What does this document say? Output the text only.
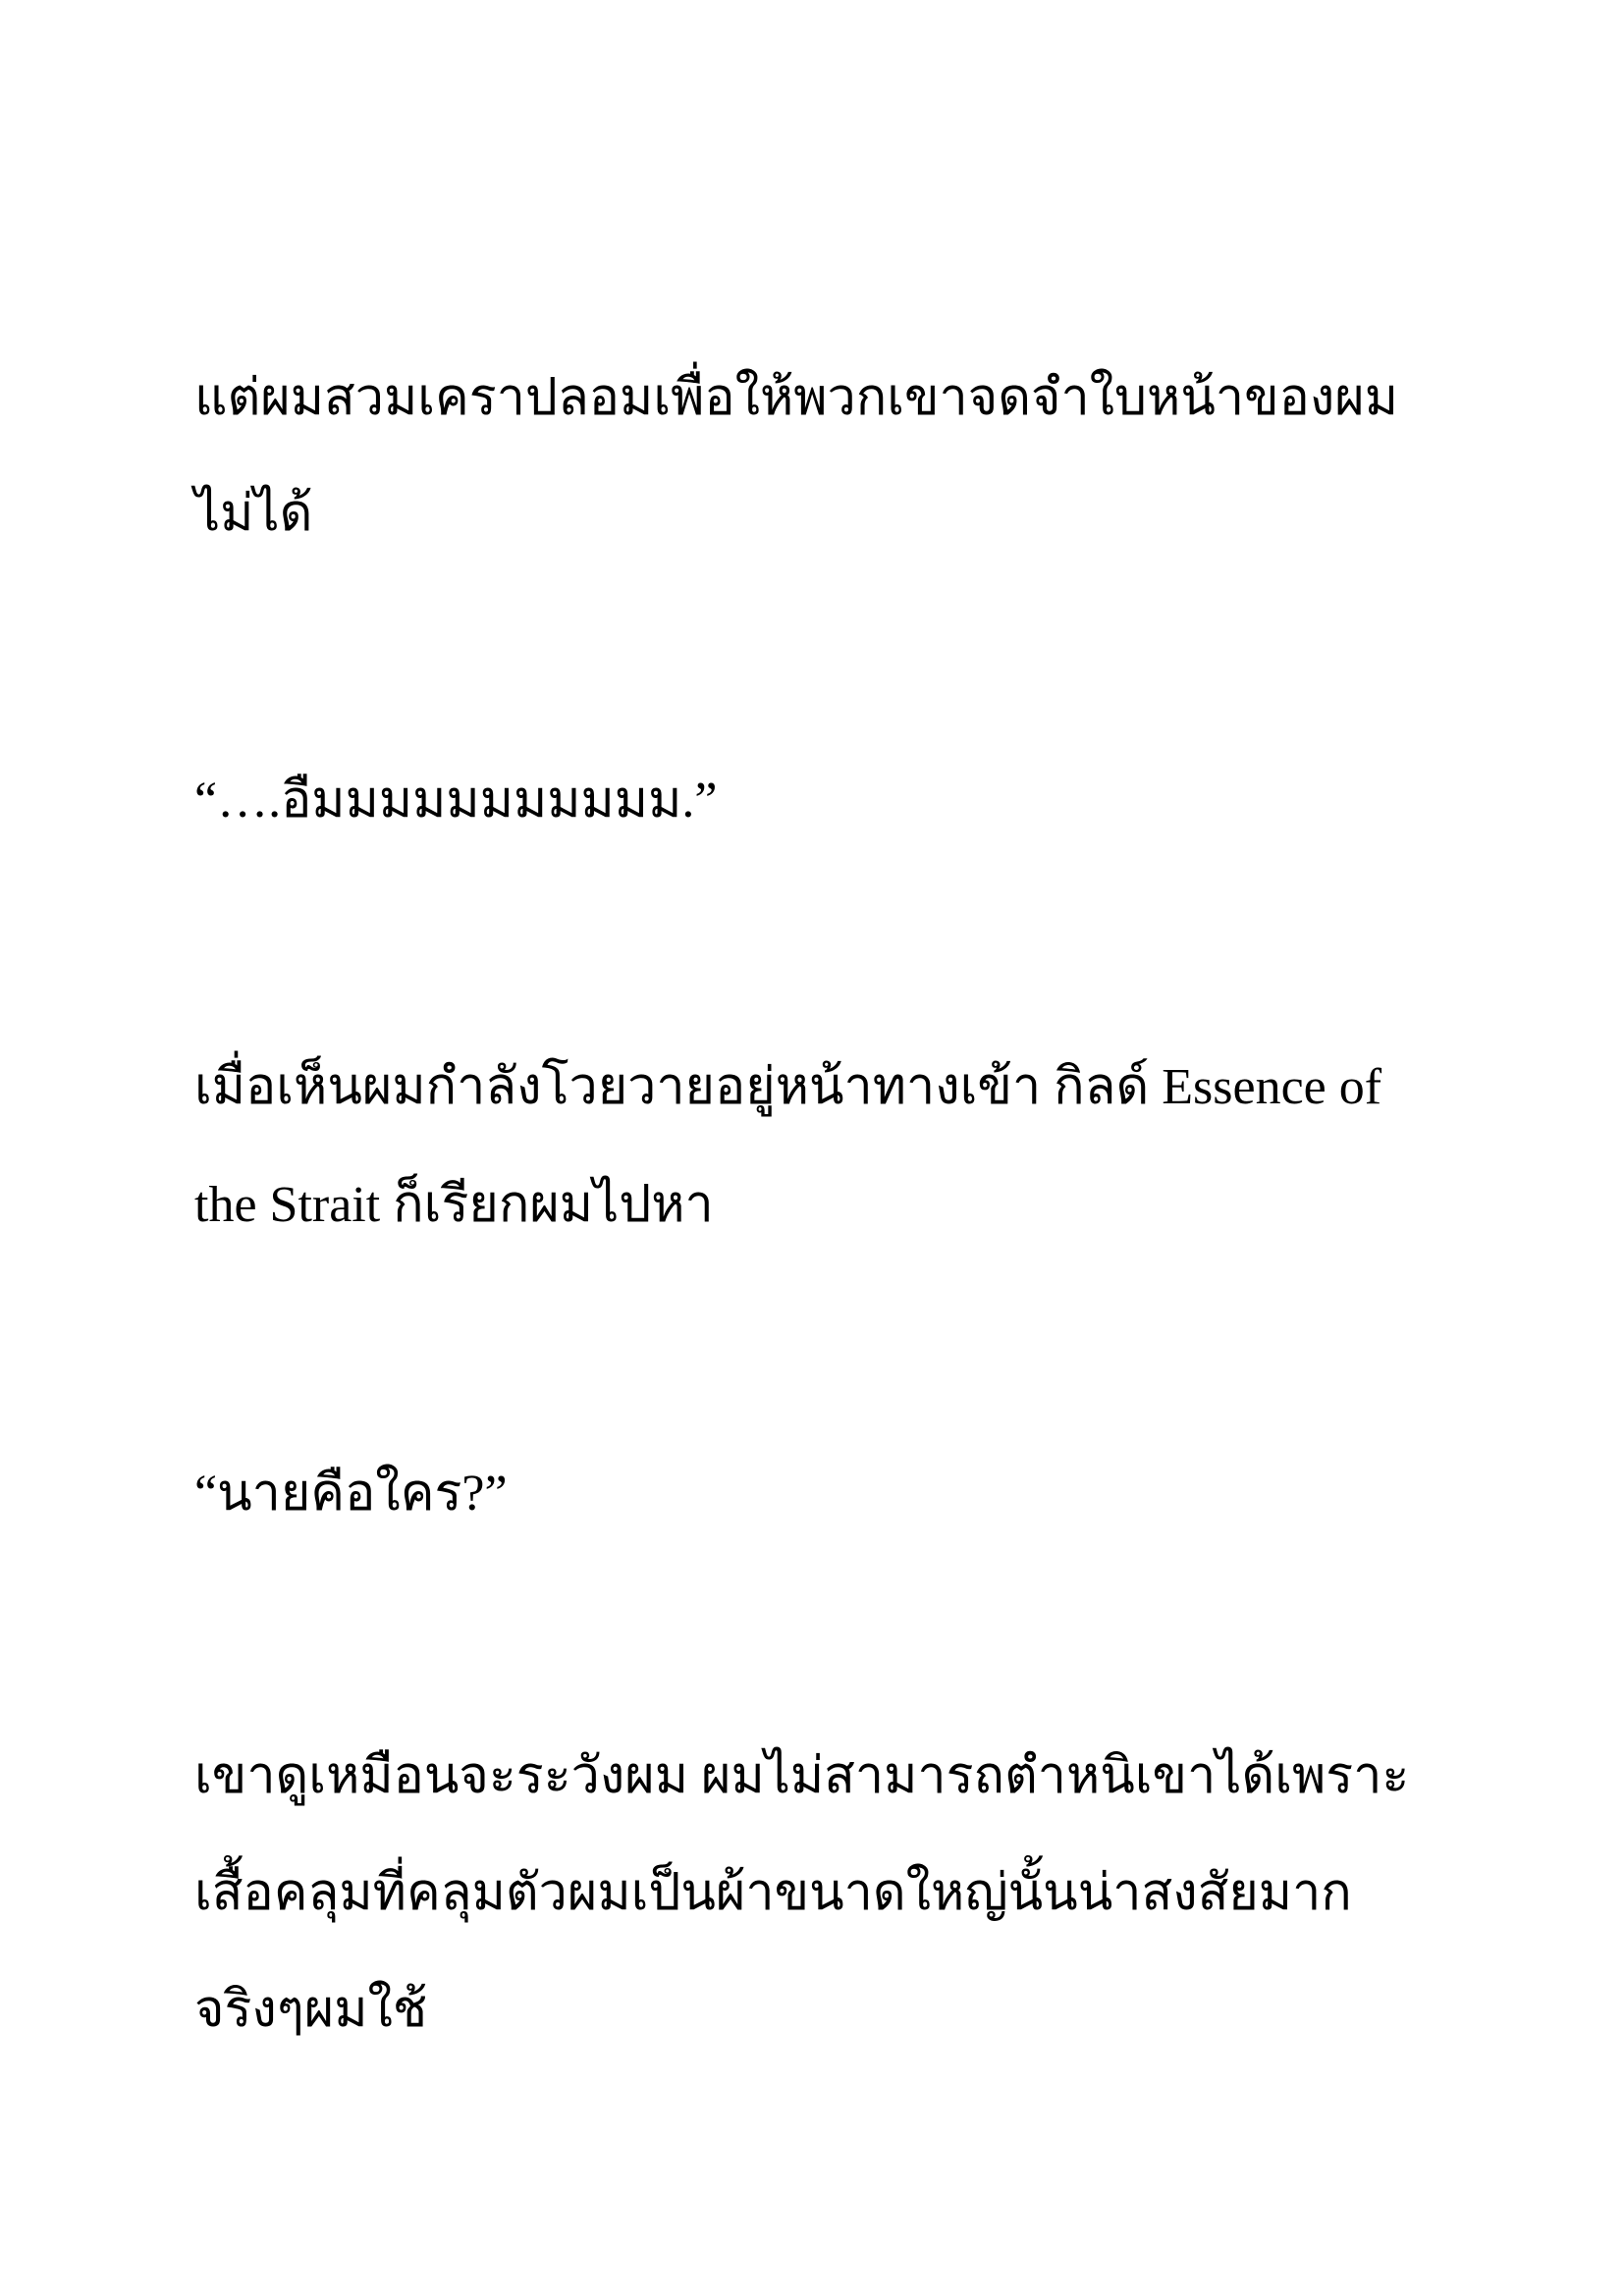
แต่ผมสวมเคราปลอมเพื่อให้พวกเขาจดจำใบหน้าของผม
ไม่ได้
“….อืมมมมมมมมมมม.”
เมื่อเห็นผมกำลังโวยวายอยู่หน้าทางเข้า กิลด์ Essence of
the Strait ก็เรียกผมไปหา
“นายคือใคร?”
เขาดูเหมือนจะระวังผม ผมไม่สามารถตำหนิเขาได้เพราะ
เสื้อคลุมที่คลุมตัวผมเป็นผ้าขนาดใหญ่นั้นน่าสงสัยมาก
จริงๆผมใช้
